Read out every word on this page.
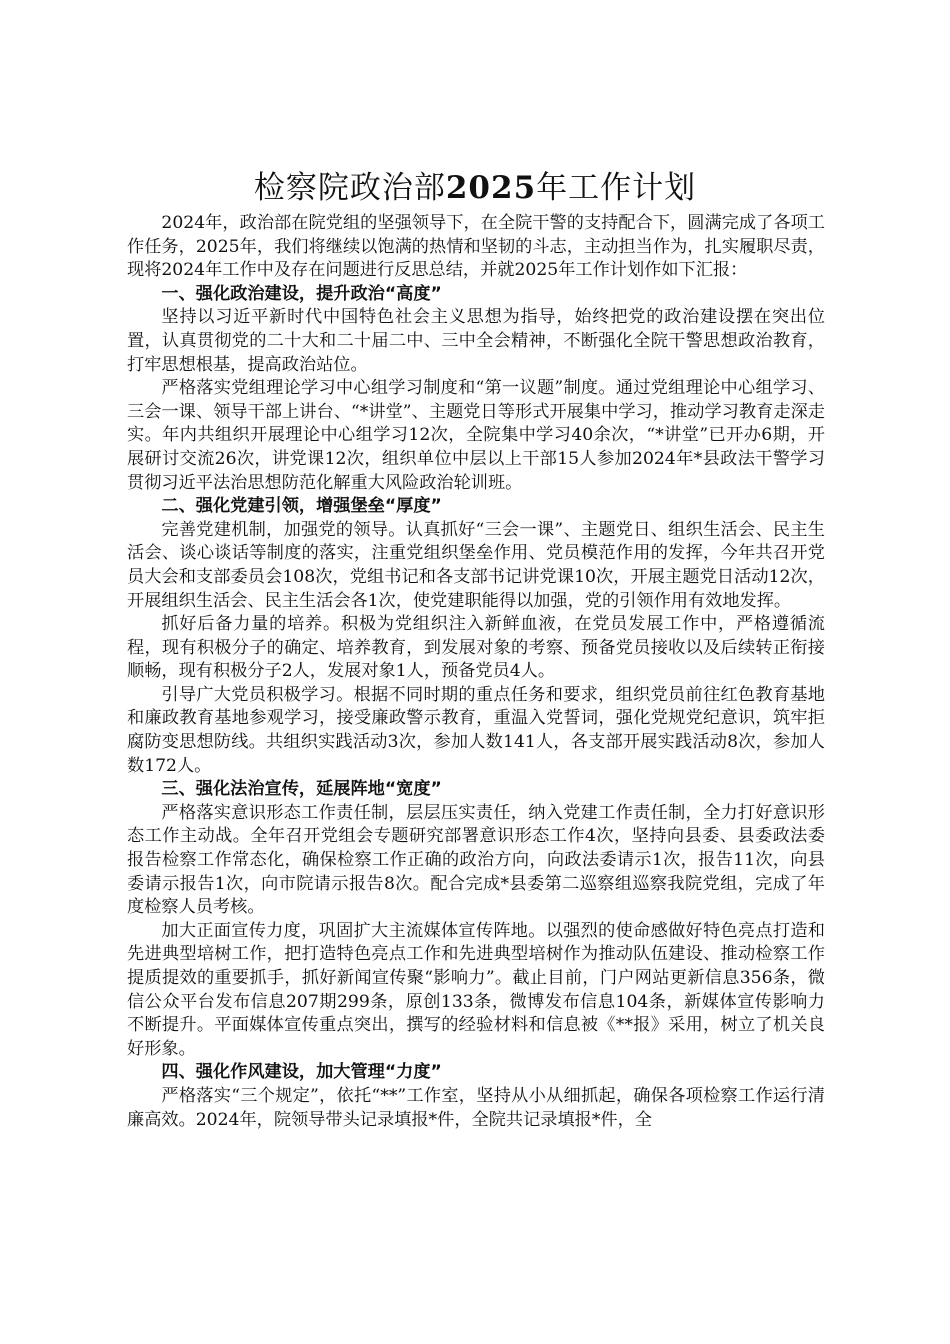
检察院政治部2025年工作计划

2024年，政治部在院党组的坚强领导下，在全院干警的支持配合下，圆满完成了各项工作任务，2025年，我们将继续以饱满的热情和坚韧的斗志，主动担当作为，扎实履职尽责，现将2024年工作中及存在问题进行反思总结，并就2025年工作计划作如下汇报：

一、强化政治建设，提升政治“高度”

坚持以习近平新时代中国特色社会主义思想为指导，始终把党的政治建设摆在突出位置，认真贯彻党的二十大和二十届二中、三中全会精神，不断强化全院干警思想政治教育，打牢思想根基，提高政治站位。

严格落实党组理论学习中心组学习制度和“第一议题”制度。通过党组理论中心组学习、三会一课、领导干部上讲台、“*讲堂”、主题党日等形式开展集中学习，推动学习教育走深走实。年内共组织开展理论中心组学习12次，全院集中学习40余次，“*讲堂”已开办6期，开展研讨交流26次，讲党课12次，组织单位中层以上干部15人参加2024年*县政法干警学习贯彻习近平法治思想防范化解重大风险政治轮训班。

二、强化党建引领，增强堡垒“厚度”

完善党建机制，加强党的领导。认真抓好“三会一课”、主题党日、组织生活会、民主生活会、谈心谈话等制度的落实，注重党组织堡垒作用、党员模范作用的发挥，今年共召开党员大会和支部委员会108次，党组书记和各支部书记讲党课10次，开展主题党日活动12次，开展组织生活会、民主生活会各1次，使党建职能得以加强，党的引领作用有效地发挥。

抓好后备力量的培养。积极为党组织注入新鲜血液，在党员发展工作中，严格遵循流程，现有积极分子的确定、培养教育，到发展对象的考察、预备党员接收以及后续转正衔接顺畅，现有积极分子2人，发展对象1人，预备党员4人。

引导广大党员积极学习。根据不同时期的重点任务和要求，组织党员前往红色教育基地和廉政教育基地参观学习，接受廉政警示教育，重温入党誓词，强化党规党纪意识，筑牢拒腐防变思想防线。共组织实践活动3次，参加人数141人，各支部开展实践活动8次，参加人数172人。

三、强化法治宣传，延展阵地“宽度”

严格落实意识形态工作责任制，层层压实责任，纳入党建工作责任制，全力打好意识形态工作主动战。全年召开党组会专题研究部署意识形态工作4次，坚持向县委、县委政法委报告检察工作常态化，确保检察工作正确的政治方向，向政法委请示1次，报告11次，向县委请示报告1次，向市院请示报告8次。配合完成*县委第二巡察组巡察我院党组，完成了年度检察人员考核。

加大正面宣传力度，巩固扩大主流媒体宣传阵地。以强烈的使命感做好特色亮点打造和先进典型培树工作，把打造特色亮点工作和先进典型培树作为推动队伍建设、推动检察工作提质提效的重要抓手，抓好新闻宣传聚“影响力”。截止目前，门户网站更新信息356条，微信公众平台发布信息207期299条，原创133条，微博发布信息104条，新媒体宣传影响力不断提升。平面媒体宣传重点突出，撰写的经验材料和信息被《**报》采用，树立了机关良好形象。

四、强化作风建设，加大管理“力度”

严格落实“三个规定”，依托“**”工作室，坚持从小从细抓起，确保各项检察工作运行清廉高效。2024年，院领导带头记录填报*件，全院共记录填报*件，全
